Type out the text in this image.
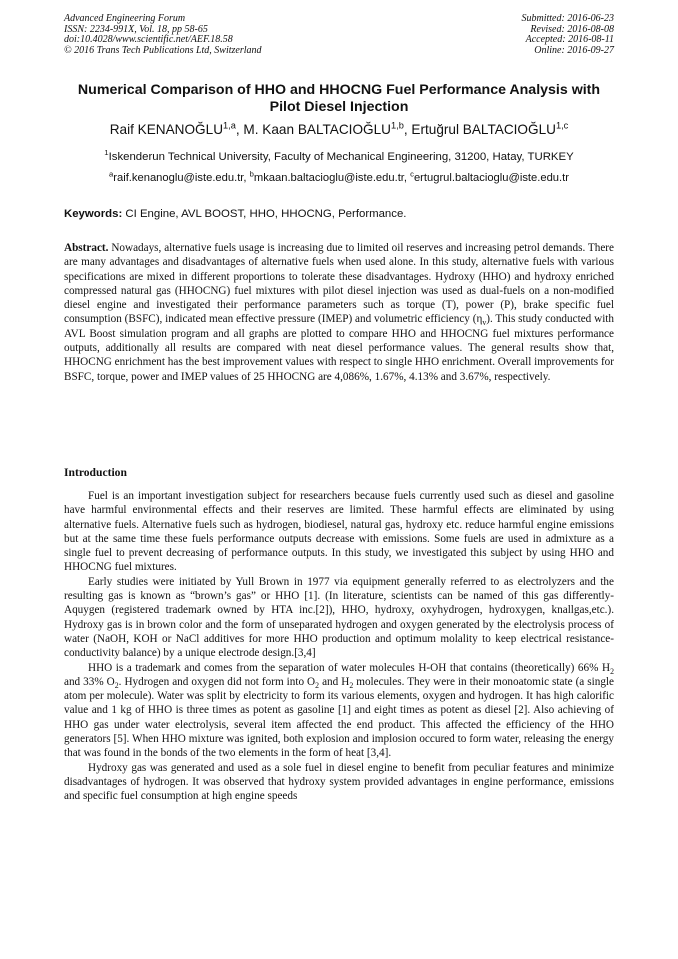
Advanced Engineering Forum
ISSN: 2234-991X, Vol. 18, pp 58-65
doi:10.4028/www.scientific.net/AEF.18.58
© 2016 Trans Tech Publications Ltd, Switzerland
Submitted: 2016-06-23
Revised: 2016-08-08
Accepted: 2016-08-11
Online: 2016-09-27
Numerical Comparison of HHO and HHOCNG Fuel Performance Analysis with Pilot Diesel Injection
Raif KENANOĞLU$^{1,a}$, M. Kaan BALTACIOĞLU$^{1,b}$, Ertuğrul BALTACIOĞLU$^{1,c}$
$^1$Iskenderun Technical University, Faculty of Mechanical Engineering, 31200, Hatay, TURKEY
$^a$raif.kenanoglu@iste.edu.tr, $^b$mkaan.baltacioglu@iste.edu.tr, $^c$ertugrul.baltacioglu@iste.edu.tr
Keywords: CI Engine, AVL BOOST, HHO, HHOCNG, Performance.

Abstract. Nowadays, alternative fuels usage is increasing due to limited oil reserves and increasing petrol demands. There are many advantages and disadvantages of alternative fuels when used alone. In this study, alternative fuels with various specifications are mixed in different proportions to tolerate these disadvantages. Hydroxy (HHO) and hydroxy enriched compressed natural gas (HHOCNG) fuel mixtures with pilot diesel injection was used as dual-fuels on a non-modified diesel engine and investigated their performance parameters such as torque (T), power (P), brake specific fuel consumption (BSFC), indicated mean effective pressure (IMEP) and volumetric efficiency $(\eta_v)$. This study conducted with AVL Boost simulation program and all graphs are plotted to compare HHO and HHOCNG fuel mixtures performance outputs, additionally all results are compared with neat diesel performance values. The general results show that, HHOCNG enrichment has the best improvement values with respect to single HHO enrichment. Overall improvements for BSFC, torque, power and IMEP values of 25 HHOCNG are 4,086%, 1.67%, 4.13% and 3.67%, respectively.

Introduction

Fuel is an important investigation subject for researchers because fuels currently used such as diesel and gasoline have harmful environmental effects and their reserves are limited. These harmful effects are eliminated by using alternative fuels. Alternative fuels such as hydrogen, biodiesel, natural gas, hydroxy etc. reduce harmful engine emissions but at the same time these fuels performance outputs decrease with emissions. Some fuels are used in admixture as a single fuel to prevent decreasing of performance outputs. In this study, we investigated this subject by using HHO and HHOCNG fuel mixtures.

Early studies were initiated by Yull Brown in 1977 via equipment generally referred to as electrolyzers and the resulting gas is known as “brown’s gas” or HHO [1]. (In literature, scientists can be named of this gas differently- Aquygen (registered trademark owned by HTA inc.[2]), HHO, hydroxy, oxyhydrogen, hydroxygen, knallgas,etc.). Hydroxy gas is in brown color and the form of unseparated hydrogen and oxygen generated by the electrolysis process of water (NaOH, KOH or NaCl additives for more HHO production and optimum molality to keep electrical resistance-conductivity balance) by a unique electrode design.[3,4]

HHO is a trademark and comes from the separation of water molecules H-OH that contains (theoretically) 66% $H_2$ and 33% $O_2$. Hydrogen and oxygen did not form into $O_2$ and $H_2$ molecules. They were in their monoatomic state (a single atom per molecule). Water was split by electricity to form its various elements, oxygen and hydrogen. It has high calorific value and 1 kg of HHO is three times as potent as gasoline [1] and eight times as potent as diesel [2]. Also achieving of HHO gas under water electrolysis, several item affected the end product. This affected the efficiency of the HHO generators [5]. When HHO mixture was ignited, both explosion and implosion occured to form water, releasing the energy that was found in the bonds of the two elements in the form of heat [3,4].

Hydroxy gas was generated and used as a sole fuel in diesel engine to benefit from peculiar features and minimize disadvantages of hydrogen. It was observed that hydroxy system provided advantages in engine performance, emissions and specific fuel consumption at high engine speeds
